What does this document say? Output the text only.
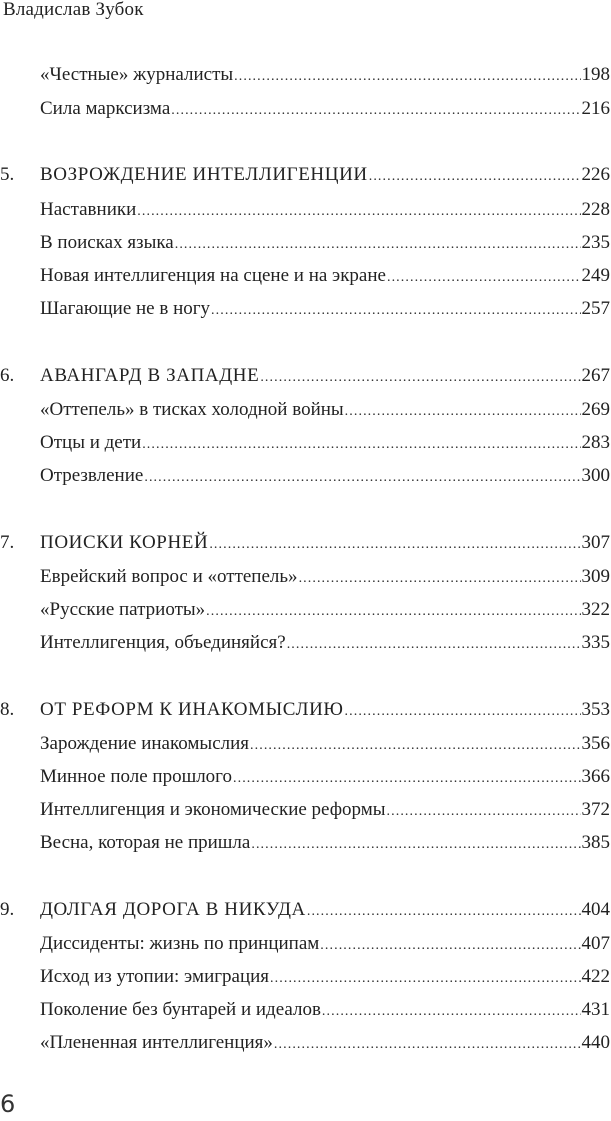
Владислав Зубок
«Честные» журналисты .....	198
Сила марксизма .....	216
5.	ВОЗРОЖДЕНИЕ ИНТЕЛЛИГЕНЦИИ .....	226
Наставники .....	228
В поисках языка .....	235
Новая интеллигенция на сцене и на экране .....	249
Шагающие не в ногу .....	257
6.	АВАНГАРД В ЗАПАДНЕ .....	267
«Оттепель» в тисках холодной войны .....	269
Отцы и дети .....	283
Отрезвление .....	300
7.	ПОИСКИ КОРНЕЙ .....	307
Еврейский вопрос и «оттепель» .....	309
«Русские патриоты» .....	322
Интеллигенция, объединяйся? .....	335
8.	ОТ РЕФОРМ К ИНАКОМЫСЛИЮ .....	353
Зарождение инакомыслия .....	356
Минное поле прошлого .....	366
Интеллигенция и экономические реформы .....	372
Весна, которая не пришла .....	385
9.	ДОЛГАЯ ДОРОГА В НИКУДА .....	404
Диссиденты: жизнь по принципам .....	407
Исход из утопии: эмиграция .....	422
Поколение без бунтарей и идеалов .....	431
«Плененная интеллигенция» .....	440
6
